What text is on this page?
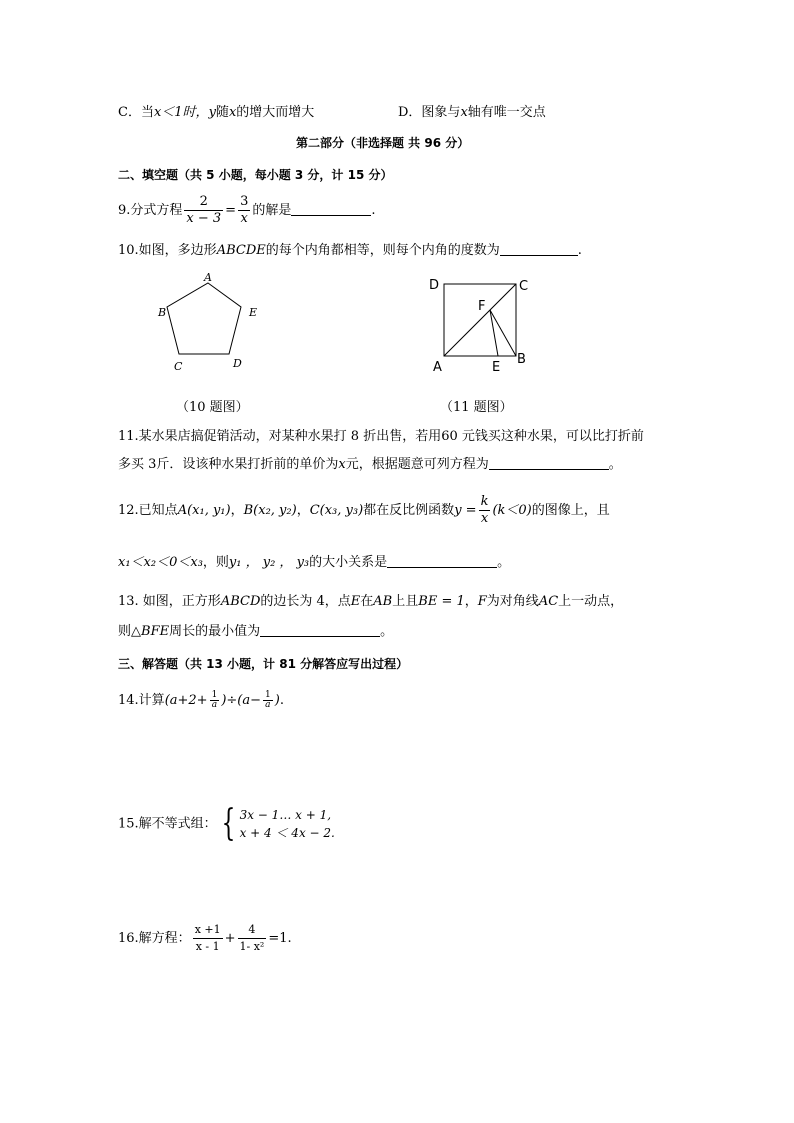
C．当x＜1时，y随x的增大而增大	D．图象与x轴有唯一交点
第二部分（非选择题 共 96 分）
二、填空题（共 5 小题，每小题 3 分，计 15 分）
9.分式方程 $\frac{2}{x - 3} = \frac{3}{x}$ 的解是	.
10.如图，多边形ABCDE的每个内角都相等，则每个内角的度数为	.
A
B
C	D
E
D	C
F
B
A	E
（10 题图）	（11 题图）
11.某水果店搞促销活动，对某种水果打 8 折出售，若用60 元钱买这种水果，可以比打折前
多买 3斤．设该种水果打折前的单价为x元，根据题意可列方程为	。
12.已知点A(x₁, y₁)，B(x₂, y₂)，C(x₃, y₃)都在反比例函数$y = \frac{k}{x} (k<0)$的图像上，且
x₁＜x₂＜0＜x₃，则y₁ ， y₂ ， y₃的大小关系是	。
13. 如图，正方形ABCD的边长为 4，点E在AB上且BE = 1，F为对角线AC上一动点，
则△BFE周长的最小值为	。
三、解答题（共 13 小题，计 81 分解答应写出过程）
14.计算$(a+2+ \frac{1}{a} )\div(a- \frac{1}{a}$ ).
15.解不等式组： { 3x − 1… x + 1,
x + 4 ＜ 4x − 2.
16.解方程： $\frac{x +1}{x - 1} + \frac{4}{\text{1- x²}} =1$.
